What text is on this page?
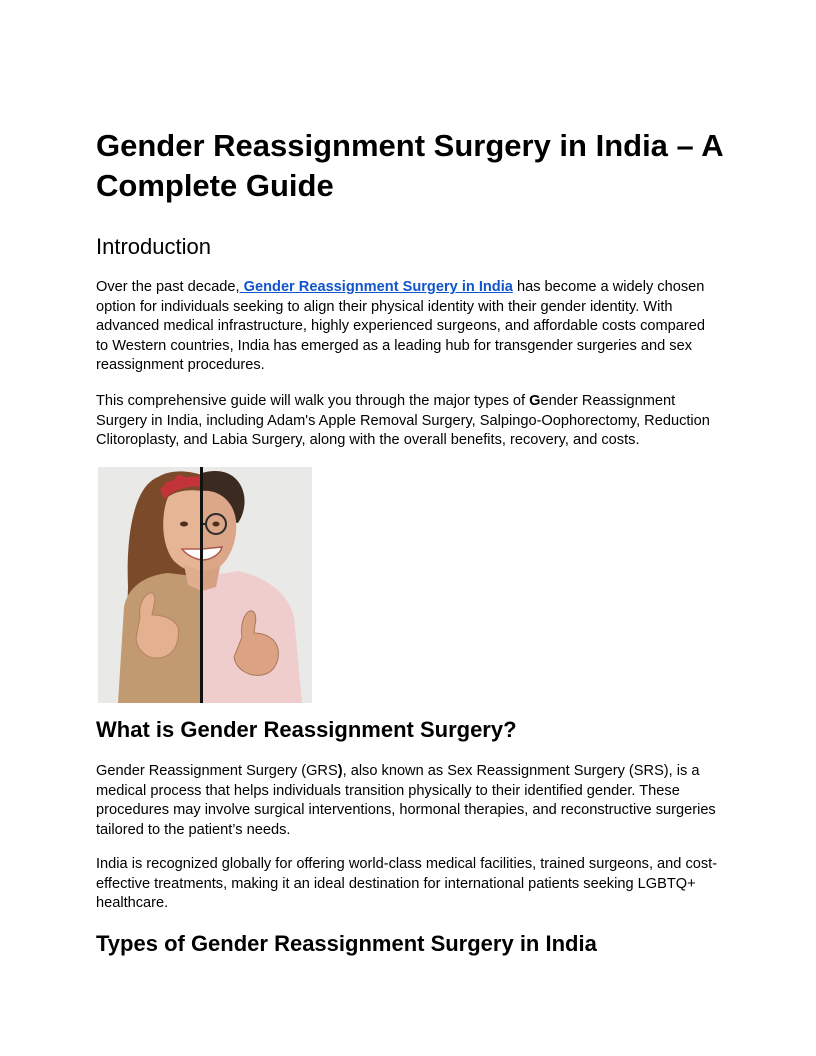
Gender Reassignment Surgery in India – A Complete Guide
Introduction

Over the past decade, Gender Reassignment Surgery in India has become a widely chosen option for individuals seeking to align their physical identity with their gender identity. With advanced medical infrastructure, highly experienced surgeons, and affordable costs compared to Western countries, India has emerged as a leading hub for transgender surgeries and sex reassignment procedures.

This comprehensive guide will walk you through the major types of Gender Reassignment Surgery in India, including Adam's Apple Removal Surgery, Salpingo-Oophorectomy, Reduction Clitoroplasty, and Labia Surgery, along with the overall benefits, recovery, and costs.

What is Gender Reassignment Surgery?

Gender Reassignment Surgery (GRS), also known as Sex Reassignment Surgery (SRS), is a medical process that helps individuals transition physically to their identified gender. These procedures may involve surgical interventions, hormonal therapies, and reconstructive surgeries tailored to the patient’s needs.

India is recognized globally for offering world-class medical facilities, trained surgeons, and cost-effective treatments, making it an ideal destination for international patients seeking LGBTQ+ healthcare.

Types of Gender Reassignment Surgery in India
